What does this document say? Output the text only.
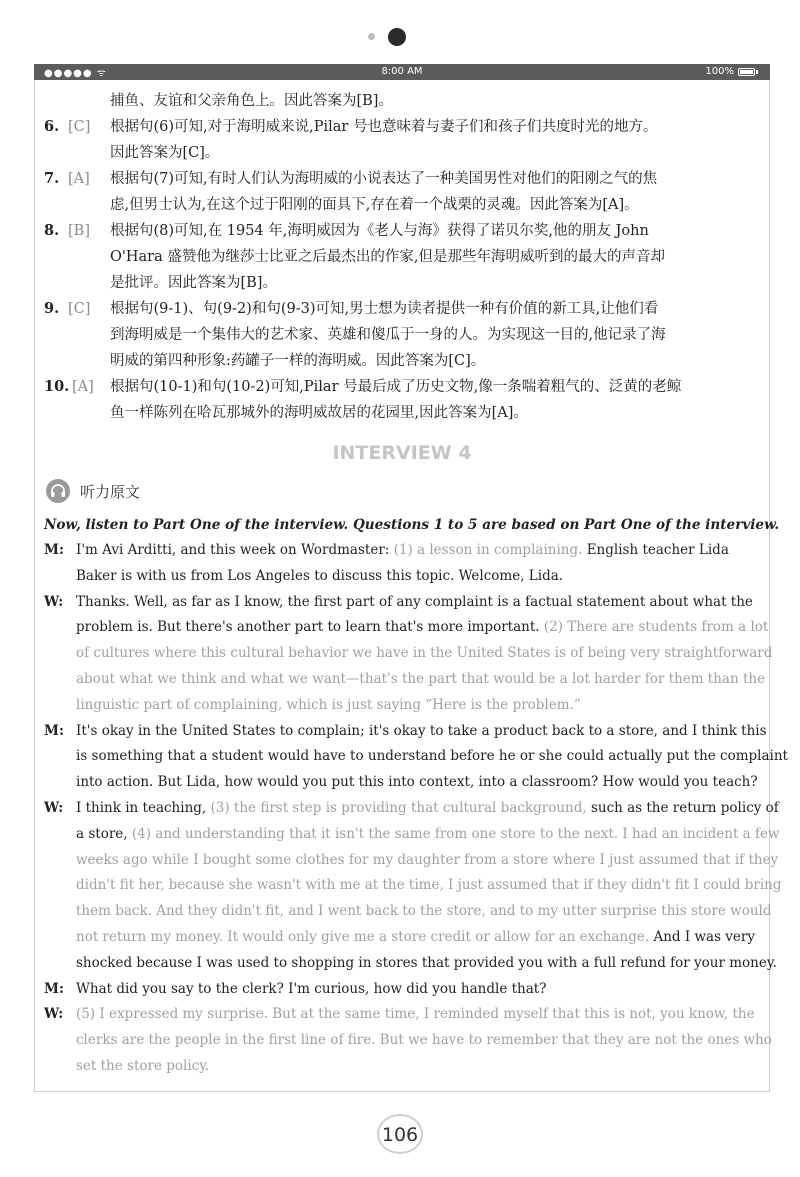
●●●●● ᯤ	8:00 AM	100%
捕鱼、友谊和父亲角色上。因此答案为[B]。
6. [C]	根据句(6)可知,对于海明威来说,Pilar 号也意味着与妻子们和孩子们共度时光的地方。
因此答案为[C]。
7. [A]	根据句(7)可知,有时人们认为海明威的小说表达了一种美国男性对他们的阳刚之气的焦
虑,但男士认为,在这个过于阳刚的面具下,存在着一个战栗的灵魂。因此答案为[A]。
8. [B]	根据句(8)可知,在 1954 年,海明威因为《老人与海》获得了诺贝尔奖,他的朋友 John
O'Hara 盛赞他为继莎士比亚之后最杰出的作家,但是那些年海明威听到的最大的声音却
是批评。因此答案为[B]。
9. [C]	根据句(9-1)、句(9-2)和句(9-3)可知,男士想为读者提供一种有价值的新工具,让他们看
到海明威是一个集伟大的艺术家、英雄和傻瓜于一身的人。为实现这一目的,他记录了海
明威的第四种形象:药罐子一样的海明威。因此答案为[C]。
10. [A]	根据句(10-1)和句(10-2)可知,Pilar 号最后成了历史文物,像一条喘着粗气的、泛黄的老鲸
鱼一样陈列在哈瓦那城外的海明威故居的花园里,因此答案为[A]。
INTERVIEW 4
听力原文
Now, listen to Part One of the interview. Questions 1 to 5 are based on Part One of the interview.
M: I'm Avi Arditti, and this week on Wordmaster: (1) a lesson in complaining. English teacher Lida
Baker is with us from Los Angeles to discuss this topic. Welcome, Lida.
W: Thanks. Well, as far as I know, the first part of any complaint is a factual statement about what the
problem is. But there's another part to learn that's more important. (2) There are students from a lot
of cultures where this cultural behavior we have in the United States is of being very straightforward
about what we think and what we want—that's the part that would be a lot harder for them than the
linguistic part of complaining, which is just saying “Here is the problem.”
M: It's okay in the United States to complain; it's okay to take a product back to a store, and I think this
is something that a student would have to understand before he or she could actually put the complaint
into action. But Lida, how would you put this into context, into a classroom? How would you teach?
W: I think in teaching, (3) the first step is providing that cultural background, such as the return policy of
a store, (4) and understanding that it isn't the same from one store to the next. I had an incident a few
weeks ago while I bought some clothes for my daughter from a store where I just assumed that if they
didn't fit her, because she wasn't with me at the time, I just assumed that if they didn't fit I could bring
them back. And they didn't fit, and I went back to the store, and to my utter surprise this store would
not return my money. It would only give me a store credit or allow for an exchange. And I was very
shocked because I was used to shopping in stores that provided you with a full refund for your money.
M: What did you say to the clerk? I'm curious, how did you handle that?
W: (5) I expressed my surprise. But at the same time, I reminded myself that this is not, you know, the
clerks are the people in the first line of fire. But we have to remember that they are not the ones who
set the store policy.
106
